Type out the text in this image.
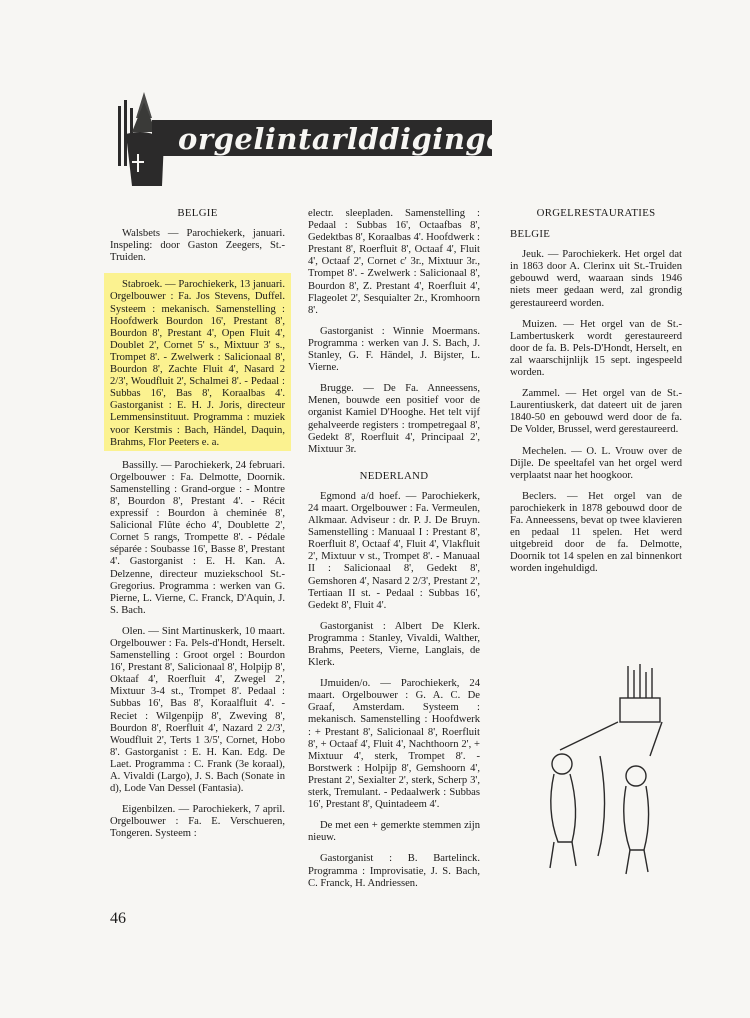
orgelintarlddigingen
BELGIE

Walsbets — Parochiekerk, januari. Inspeling: door Gaston Zeegers, St.-Truiden.

Stabroek. — Parochiekerk, 13 januari. Orgelbouwer : Fa. Jos Stevens, Duffel. Systeem : mekanisch. Samenstelling : Hoofdwerk Bourdon 16', Prestant 8', Bourdon 8', Prestant 4', Open Fluit 4', Doublet 2', Cornet 5' s., Mixtuur 3' s., Trompet 8'. - Zwelwerk : Salicionaal 8', Bourdon 8', Zachte Fluit 4', Nasard 2 2/3', Woudfluit 2', Schalmei 8'. - Pedaal : Subbas 16', Bas 8', Koraalbas 4'. Gastorganist : E. H. J. Joris, directeur Lemmensinstituut. Programma : muziek voor Kerstmis : Bach, Händel, Daquin, Brahms, Flor Peeters e. a.

Bassilly. — Parochiekerk, 24 februari. Orgelbouwer : Fa. Delmotte, Doornik. Samenstelling : Grand-orgue : - Montre 8', Bourdon 8', Prestant 4'. - Récit expressif : Bourdon à cheminée 8', Salicional Flûte écho 4', Doublette 2', Cornet 5 rangs, Trompette 8'. - Pédale séparée : Soubasse 16', Basse 8', Prestant 4'. Gastorganist : E. H. Kan. A. Delzenne, directeur muziekschool St.-Gregorius. Programma : werken van G. Pierne, L. Vierne, C. Franck, D'Aquin, J. S. Bach.

Olen. — Sint Martinuskerk, 10 maart. Orgelbouwer : Fa. Pels-d'Hondt, Herselt. Samenstelling : Groot orgel : Bourdon 16', Prestant 8', Salicionaal 8', Holpijp 8', Oktaaf 4', Roerfluit 4', Zwegel 2', Mixtuur 3-4 st., Trompet 8'. Pedaal : Subbas 16', Bas 8', Koraalfluit 4'. - Reciet : Wilgenpijp 8', Zweving 8', Bourdon 8', Roerfluit 4', Nazard 2 2/3', Woudfluit 2', Terts 1 3/5', Cornet, Hobo 8'. Gastorganist : E. H. Kan. Edg. De Laet. Programma : C. Frank (3e koraal), A. Vivaldi (Largo), J. S. Bach (Sonate in d), Lode Van Dessel (Fantasia).

Eigenbilzen. — Parochiekerk, 7 april. Orgelbouwer : Fa. E. Verschueren, Tongeren. Systeem :

electr. sleepladen. Samenstelling : Pedaal : Subbas 16', Octaafbas 8', Gedektbas 8', Koraalbas 4'. Hoofdwerk : Prestant 8', Roerfluit 8', Octaaf 4', Fluit 4', Octaaf 2', Cornet c' 3r., Mixtuur 3r., Trompet 8'. - Zwelwerk : Salicionaal 8', Bourdon 8', Z. Prestant 4', Roerfluit 4', Flageolet 2', Sesquialter 2r., Kromhoorn 8'.

Gastorganist : Winnie Moermans. Programma : werken van J. S. Bach, J. Stanley, G. F. Händel, J. Bijster, L. Vierne.

Brugge. — De Fa. Anneessens, Menen, bouwde een positief voor de organist Kamiel D'Hooghe. Het telt vijf gehalveerde registers : trompetregaal 8', Gedekt 8', Roerfluit 4', Principaal 2', Mixtuur 3r.

NEDERLAND

Egmond a/d hoef. — Parochiekerk, 24 maart. Orgelbouwer : Fa. Vermeulen, Alkmaar. Adviseur : dr. P. J. De Bruyn. Samenstelling : Manuaal I : Prestant 8', Roerfluit 8', Octaaf 4', Fluit 4', Vlakfluit 2', Mixtuur v st., Trompet 8'. - Manuaal II : Salicionaal 8', Gedekt 8', Gemshoren 4', Nasard 2 2/3', Prestant 2', Tertiaan II st. - Pedaal : Subbas 16', Gedekt 8', Fluit 4'.

Gastorganist : Albert De Klerk. Programma : Stanley, Vivaldi, Walther, Brahms, Peeters, Vierne, Langlais, de Klerk.

IJmuiden/o. — Parochiekerk, 24 maart. Orgelbouwer : G. A. C. De Graaf, Amsterdam. Systeem : mekanisch. Samenstelling : Hoofdwerk : + Prestant 8', Salicionaal 8', Roerfluit 8', + Octaaf 4', Fluit 4', Nachthoorn 2', + Mixtuur 4', sterk, Trompet 8'. - Borstwerk : Holpijp 8', Gemshoorn 4', Prestant 2', Sexialter 2', sterk, Scherp 3', sterk, Tremulant. - Pedaalwerk : Subbas 16', Prestant 8', Quintadeem 4'.

De met een + gemerkte stemmen zijn nieuw.

Gastorganist : B. Bartelinck. Programma : Improvisatie, J. S. Bach, C. Franck, H. Andriessen.

ORGELRESTAURATIES
BELGIE

Jeuk. — Parochiekerk. Het orgel dat in 1863 door A. Clerinx uit St.-Truiden gebouwd werd, waaraan sinds 1946 niets meer gedaan werd, zal grondig gerestaureerd worden.

Muizen. — Het orgel van de St.-Lambertuskerk wordt gerestaureerd door de fa. B. Pels-D'Hondt, Herselt, en zal waarschijnlijk 15 sept. ingespeeld worden.

Zammel. — Het orgel van de St.-Laurentiuskerk, dat dateert uit de jaren 1840-50 en gebouwd werd door de fa. De Volder, Brussel, werd gerestaureerd.

Mechelen. — O. L. Vrouw over de Dijle. De speeltafel van het orgel werd verplaatst naar het hoogkoor.

Beclers. — Het orgel van de parochiekerk in 1878 gebouwd door de Fa. Anneessens, bevat op twee klavieren en pedaal 11 spelen. Het werd uitgebreid door de fa. Delmotte, Doornik tot 14 spelen en zal binnenkort worden ingehuldigd.

46
